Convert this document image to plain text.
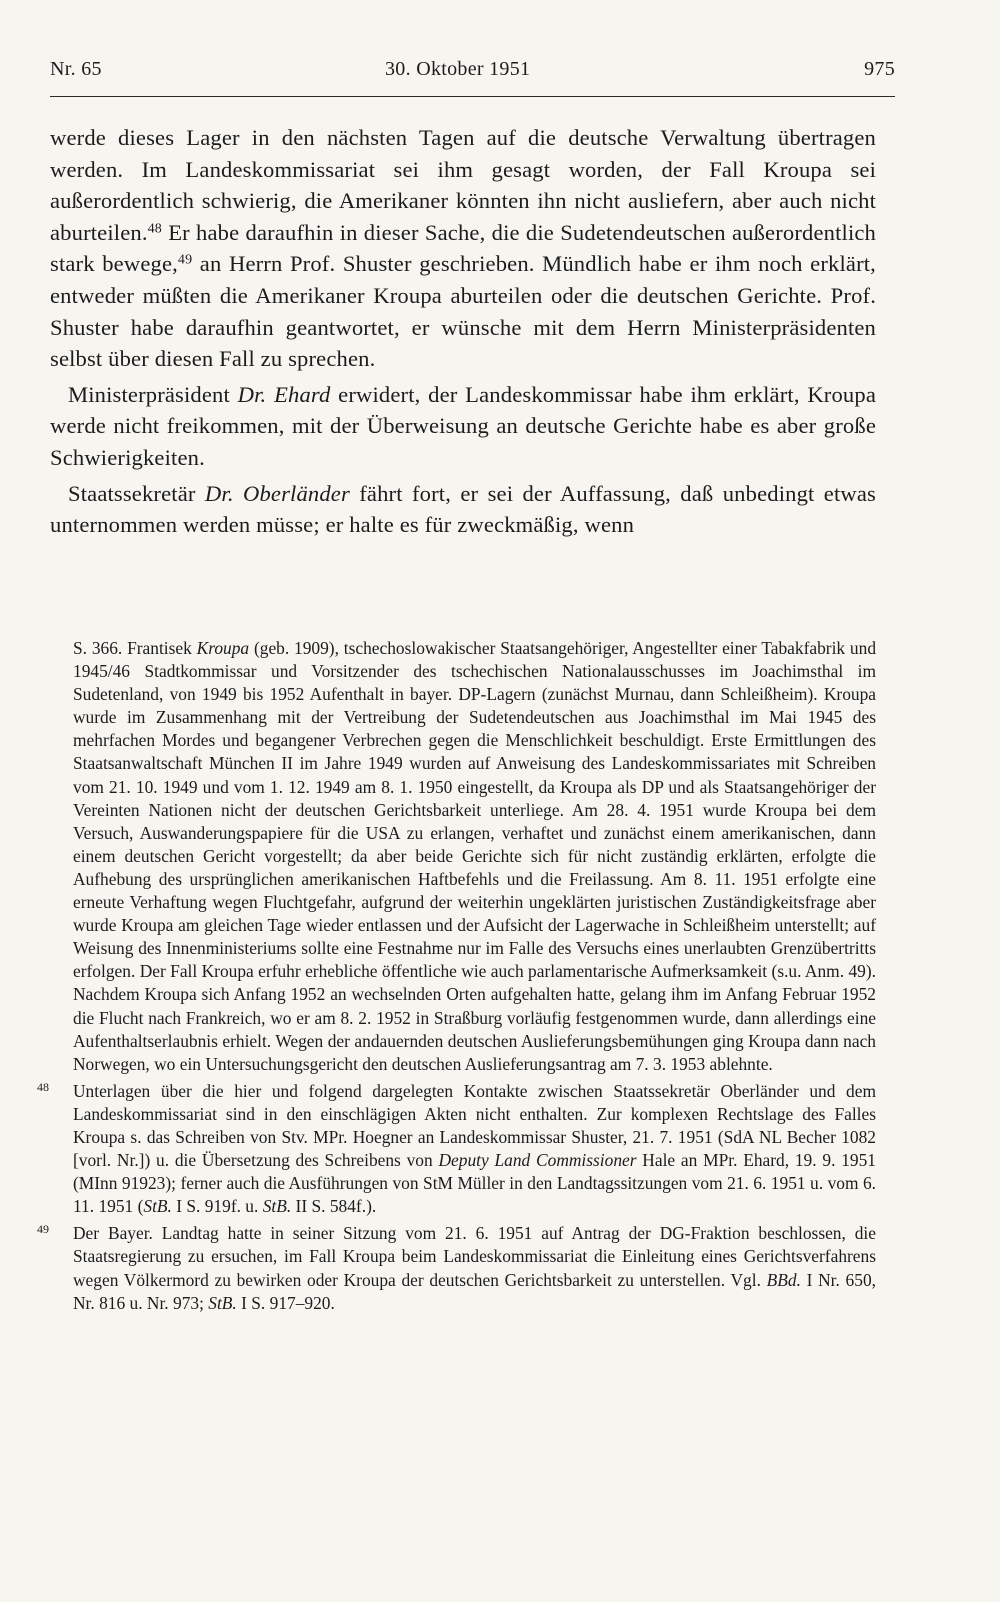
Nr. 65	30. Oktober 1951	975

werde dieses Lager in den nächsten Tagen auf die deutsche Verwaltung übertragen werden. Im Landeskommissariat sei ihm gesagt worden, der Fall Kroupa sei außerordentlich schwierig, die Amerikaner könnten ihn nicht ausliefern, aber auch nicht aburteilen.$^{48}$ Er habe daraufhin in dieser Sache, die die Sudetendeutschen außerordentlich stark bewege,$^{49}$ an Herrn Prof. Shuster geschrieben. Mündlich habe er ihm noch erklärt, entweder müßten die Amerikaner Kroupa aburteilen oder die deutschen Gerichte. Prof. Shuster habe daraufhin geantwortet, er wünsche mit dem Herrn Ministerpräsidenten selbst über diesen Fall zu sprechen.

Ministerpräsident Dr. Ehard erwidert, der Landeskommissar habe ihm erklärt, Kroupa werde nicht freikommen, mit der Überweisung an deutsche Gerichte habe es aber große Schwierigkeiten.

Staatssekretär Dr. Oberländer fährt fort, er sei der Auffassung, daß unbedingt etwas unternommen werden müsse; er halte es für zweckmäßig, wenn

S. 366. Frantisek Kroupa (geb. 1909), tschechoslowakischer Staatsangehöriger, Angestellter einer Tabakfabrik und 1945/46 Stadtkommissar und Vorsitzender des tschechischen Nationalausschusses im Joachimsthal im Sudetenland, von 1949 bis 1952 Aufenthalt in bayer. DP-Lagern (zunächst Murnau, dann Schleißheim). Kroupa wurde im Zusammenhang mit der Vertreibung der Sudetendeutschen aus Joachimsthal im Mai 1945 des mehrfachen Mordes und begangener Verbrechen gegen die Menschlichkeit beschuldigt. Erste Ermittlungen des Staatsanwaltschaft München II im Jahre 1949 wurden auf Anweisung des Landeskommissariates mit Schreiben vom 21. 10. 1949 und vom 1. 12. 1949 am 8. 1. 1950 eingestellt, da Kroupa als DP und als Staatsangehöriger der Vereinten Nationen nicht der deutschen Gerichtsbarkeit unterliege. Am 28. 4. 1951 wurde Kroupa bei dem Versuch, Auswanderungspapiere für die USA zu erlangen, verhaftet und zunächst einem amerikanischen, dann einem deutschen Gericht vorgestellt; da aber beide Gerichte sich für nicht zuständig erklärten, erfolgte die Aufhebung des ursprünglichen amerikanischen Haftbefehls und die Freilassung. Am 8. 11. 1951 erfolgte eine erneute Verhaftung wegen Fluchtgefahr, aufgrund der weiterhin ungeklärten juristischen Zuständigkeitsfrage aber wurde Kroupa am gleichen Tage wieder entlassen und der Aufsicht der Lagerwache in Schleißheim unterstellt; auf Weisung des Innenministeriums sollte eine Festnahme nur im Falle des Versuchs eines unerlaubten Grenzübertritts erfolgen. Der Fall Kroupa erfuhr erhebliche öffentliche wie auch parlamentarische Aufmerksamkeit (s.u. Anm. 49). Nachdem Kroupa sich Anfang 1952 an wechselnden Orten aufgehalten hatte, gelang ihm im Anfang Februar 1952 die Flucht nach Frankreich, wo er am 8. 2. 1952 in Straßburg vorläufig festgenommen wurde, dann allerdings eine Aufenthaltserlaubnis erhielt. Wegen der andauernden deutschen Auslieferungsbemühungen ging Kroupa dann nach Norwegen, wo ein Untersuchungsgericht den deutschen Auslieferungsantrag am 7. 3. 1953 ablehnte.
48 Unterlagen über die hier und folgend dargelegten Kontakte zwischen Staatssekretär Oberländer und dem Landeskommissariat sind in den einschlägigen Akten nicht enthalten. Zur komplexen Rechtslage des Falles Kroupa s. das Schreiben von Stv. MPr. Hoegner an Landeskommissar Shuster, 21. 7. 1951 (SdA NL Becher 1082 [vorl. Nr.]) u. die Übersetzung des Schreibens von Deputy Land Commissioner Hale an MPr. Ehard, 19. 9. 1951 (MInn 91923); ferner auch die Ausführungen von StM Müller in den Landtagssitzungen vom 21. 6. 1951 u. vom 6. 11. 1951 (StB. I S. 919f. u. StB. II S. 584f.).
49 Der Bayer. Landtag hatte in seiner Sitzung vom 21. 6. 1951 auf Antrag der DG-Fraktion beschlossen, die Staatsregierung zu ersuchen, im Fall Kroupa beim Landeskommissariat die Einleitung eines Gerichtsverfahrens wegen Völkermord zu bewirken oder Kroupa der deutschen Gerichtsbarkeit zu unterstellen. Vgl. BBd. I Nr. 650, Nr. 816 u. Nr. 973; StB. I S. 917–920.
